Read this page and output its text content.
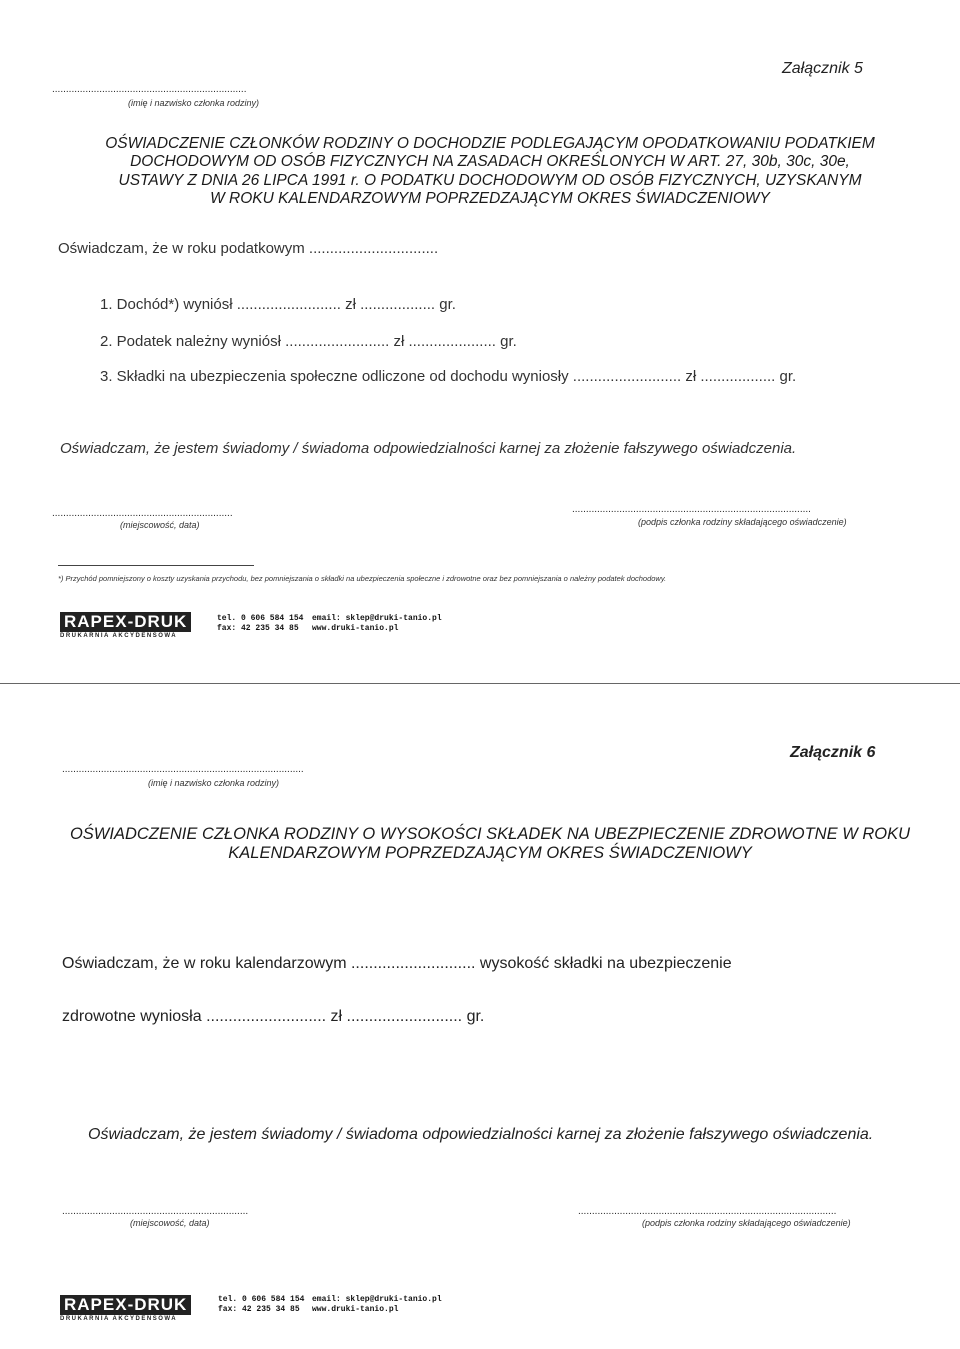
Załącznik 5
......................................................................
(imię i nazwisko członka rodziny)
OŚWIADCZENIE CZŁONKÓW RODZINY O DOCHODZIE PODLEGAJĄCYM OPODATKOWANIU PODATKIEM
DOCHODOWYM OD OSÓB FIZYCZNYCH NA ZASADACH OKREŚLONYCH W ART. 27, 30b, 30c, 30e,
USTAWY Z DNIA 26 LIPCA 1991 r. O PODATKU DOCHODOWYM OD OSÓB FIZYCZNYCH, UZYSKANYM
W ROKU KALENDARZOWYM POPRZEDZAJĄCYM OKRES ŚWIADCZENIOWY
Oświadczam, że w roku podatkowym ...............................
1. Dochód*) wyniósł ......................... zł .................. gr.
2. Podatek należny wyniósł ......................... zł ..................... gr.
3. Składki na ubezpieczenia społeczne odliczone od dochodu wyniosły .......................... zł .................. gr.
Oświadczam, że jestem świadomy / świadoma odpowiedzialności karnej za złożenie fałszywego oświadczenia.
.................................................................
(miejscowość, data)
......................................................................................
(podpis członka rodziny składającego oświadczenie)
*) Przychód pomniejszony o koszty uzyskania przychodu, bez pomniejszania o składki na ubezpieczenia społeczne i zdrowotne oraz bez pomniejszania o należny podatek dochodowy.
RAPEX-DRUK
DRUKARNIA AKCYDENSOWA
tel. 0 606 584 154
fax: 42 235 34 85
email: sklep@druki-tanio.pl
www.druki-tanio.pl
Załącznik 6
.......................................................................................
(imię i nazwisko członka rodziny)
OŚWIADCZENIE CZŁONKA RODZINY O WYSOKOŚCI SKŁADEK NA UBEZPIECZENIE ZDROWOTNE W ROKU
KALENDARZOWYM POPRZEDZAJĄCYM OKRES ŚWIADCZENIOWY
Oświadczam, że w roku kalendarzowym ............................ wysokość składki na ubezpieczenie
zdrowotne wyniosła ........................... zł .......................... gr.
Oświadczam, że jestem świadomy / świadoma odpowiedzialności karnej za złożenie fałszywego oświadczenia.
...................................................................
(miejscowość, data)
.............................................................................................
(podpis członka rodziny składającego oświadczenie)
RAPEX-DRUK
DRUKARNIA AKCYDENSOWA
tel. 0 606 584 154
fax: 42 235 34 85
email: sklep@druki-tanio.pl
www.druki-tanio.pl
